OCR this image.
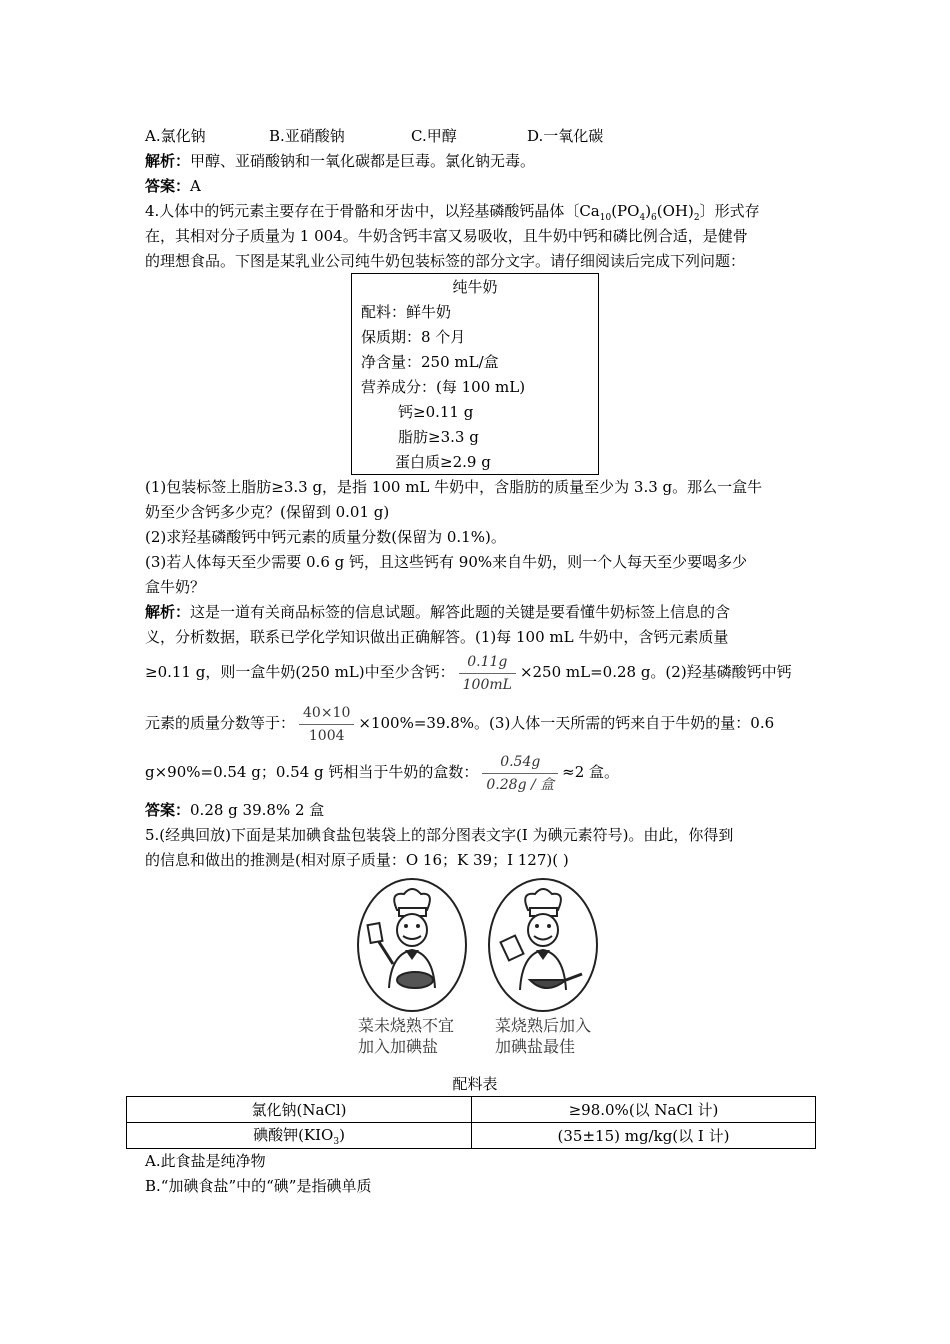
A.氯化钠	B.亚硝酸钠	C.甲醇	D.一氧化碳
解析：甲醇、亚硝酸钠和一氧化碳都是巨毒。氯化钠无毒。
答案：A
4.人体中的钙元素主要存在于骨骼和牙齿中，以羟基磷酸钙晶体〔$Ca_{10}(PO_4)_6(OH)_2$〕形式存
在，其相对分子质量为 1 004。牛奶含钙丰富又易吸收，且牛奶中钙和磷比例合适，是健骨
的理想食品。下图是某乳业公司纯牛奶包装标签的部分文字。请仔细阅读后完成下列问题：
纯牛奶
配料：鲜牛奶
保质期：8 个月
净含量：250 mL/盒
营养成分：(每 100 mL)
钙≥0.11 g
脂肪≥3.3 g
蛋白质≥2.9 g
(1)包装标签上脂肪≥3.3 g，是指 100 mL 牛奶中，含脂肪的质量至少为 3.3 g。那么一盒牛
奶至少含钙多少克？(保留到 0.01 g)
(2)求羟基磷酸钙中钙元素的质量分数(保留为 0.1%)。
(3)若人体每天至少需要 0.6 g 钙，且这些钙有 90%来自牛奶，则一个人每天至少要喝多少
盒牛奶？
解析：这是一道有关商品标签的信息试题。解答此题的关键是要看懂牛奶标签上信息的含
义，分析数据，联系已学化学知识做出正确解答。(1)每 100 mL 牛奶中，含钙元素质量
≥0.11 g，则一盒牛奶(250 mL)中至少含钙： $\frac{0.11g}{100mL} \times 250$ mL=0.28 g。(2)羟基磷酸钙中钙
元素的质量分数等于： $\frac{40\times 10}{1004} \times 100\%=39.8\%$。(3)人体一天所需的钙来自于牛奶的量：0.6
g×90%=0.54 g；0.54 g 钙相当于牛奶的盒数： $\frac{0.54g}{\text{0.28g / 盒}} \approx 2$ 盒。
答案：0.28 g 39.8% 2 盒
5.(经典回放)下面是某加碘食盐包装袋上的部分图表文字(I 为碘元素符号)。由此，你得到
的信息和做出的推测是(相对原子质量：O 16；K 39；I 127)( )
菜未烧熟不宜
加入加碘盐
菜烧熟后加入
加碘盐最佳
配料表
氯化钠(NaCl)	≥98.0%(以 NaCl 计)
碘酸钾$(KIO_3)$	(35±15) mg/kg(以 I 计)
A.此食盐是纯净物
B.“加碘食盐”中的“碘”是指碘单质
